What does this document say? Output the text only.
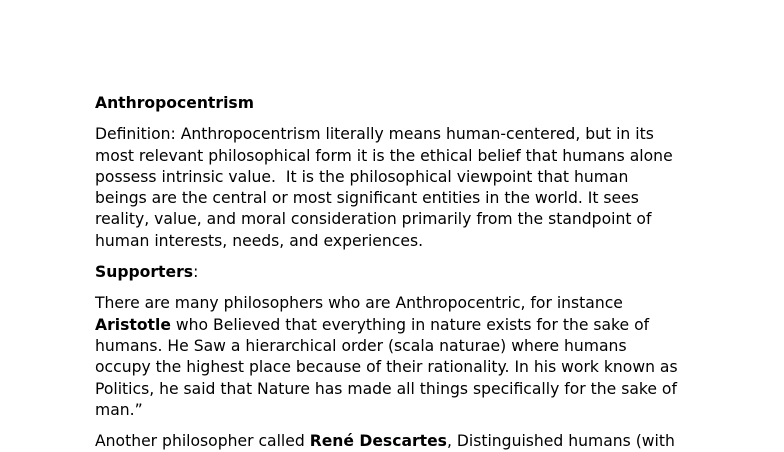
Anthropocentrism

Definition: Anthropocentrism literally means human-centered, but in its
most relevant philosophical form it is the ethical belief that humans alone
possess intrinsic value.  It is the philosophical viewpoint that human
beings are the central or most significant entities in the world. It sees
reality, value, and moral consideration primarily from the standpoint of
human interests, needs, and experiences.

Supporters:

There are many philosophers who are Anthropocentric, for instance
Aristotle who Believed that everything in nature exists for the sake of
humans. He Saw a hierarchical order (scala naturae) where humans
occupy the highest place because of their rationality. In his work known as
Politics, he said that Nature has made all things specifically for the sake of
man.”

Another philosopher called René Descartes, Distinguished humans (with
